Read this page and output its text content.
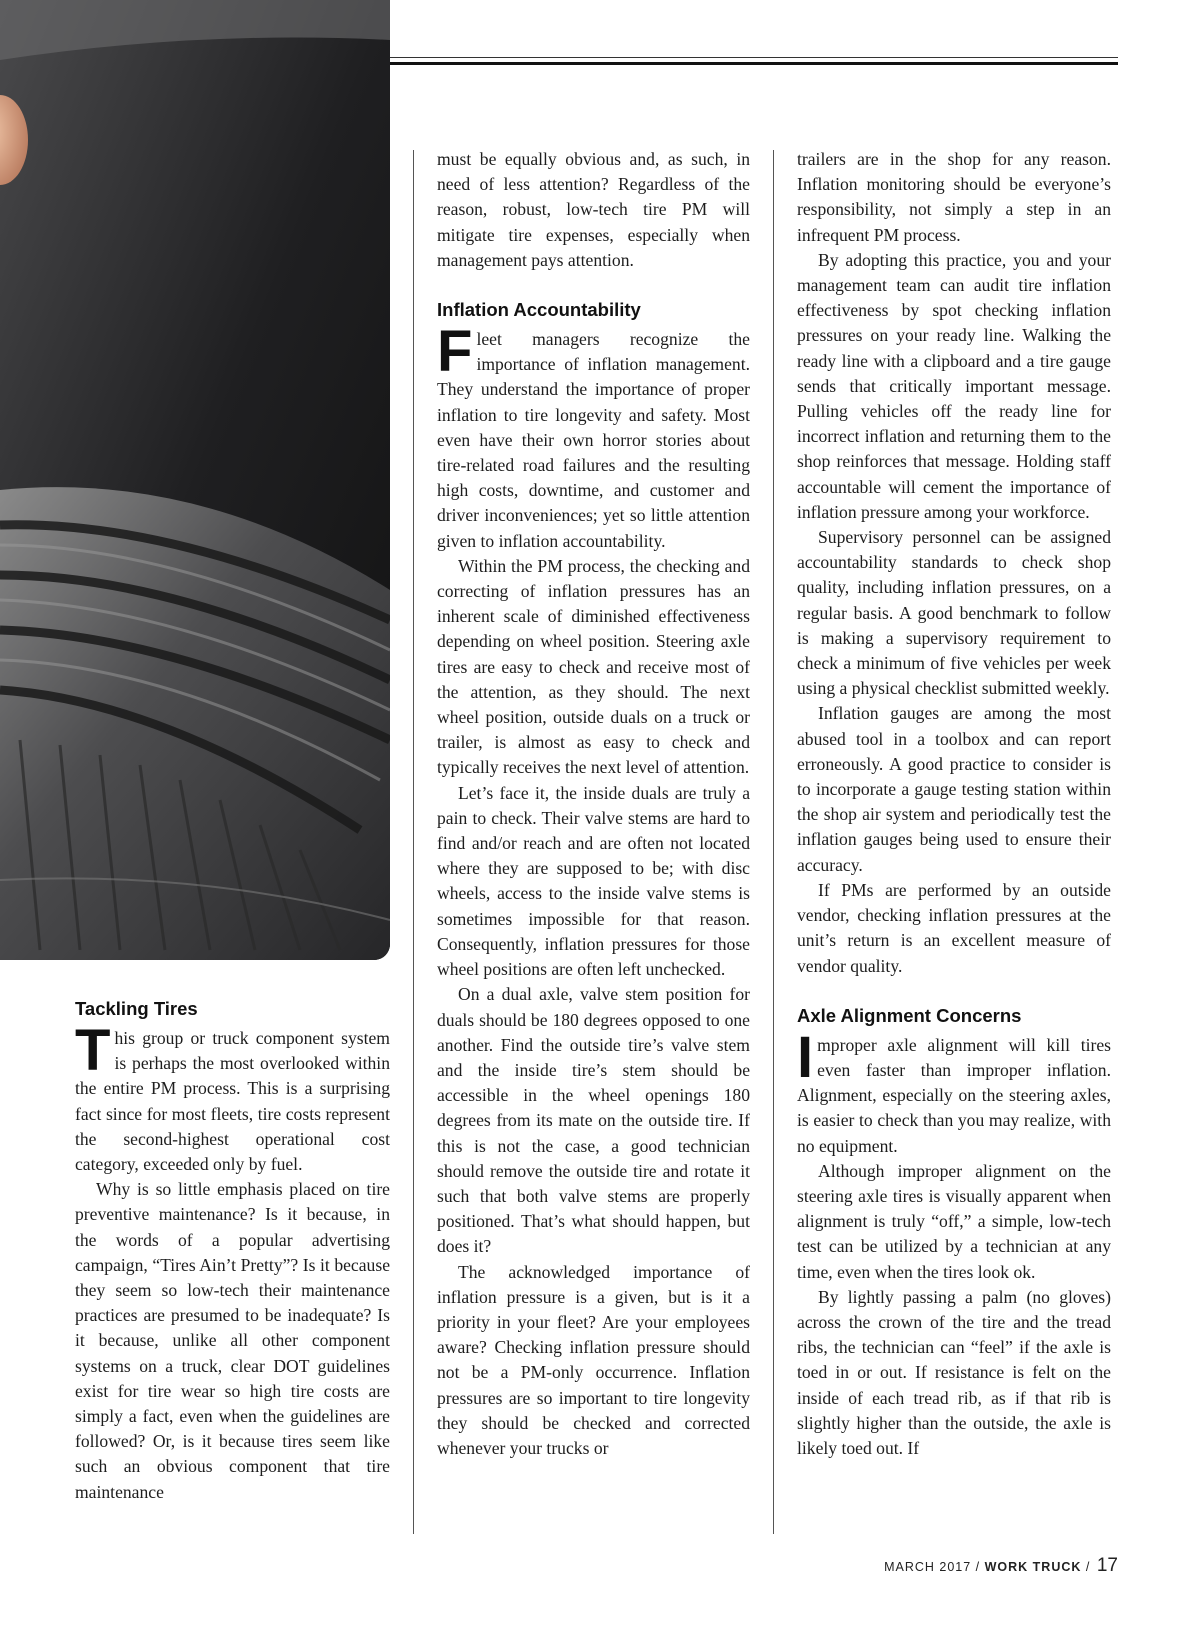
Tackling Tires

This group or truck component system is perhaps the most overlooked within the entire PM process. This is a surprising fact since for most fleets, tire costs represent the second-highest operational cost category, exceeded only by fuel.

Why is so little emphasis placed on tire preventive maintenance? Is it because, in the words of a popular advertising campaign, “Tires Ain’t Pretty”? Is it because they seem so low-tech their maintenance practices are presumed to be inadequate? Is it because, unlike all other component systems on a truck, clear DOT guidelines exist for tire wear so high tire costs are simply a fact, even when the guidelines are followed? Or, is it because tires seem like such an obvious component that tire maintenance

must be equally obvious and, as such, in need of less attention? Regardless of the reason, robust, low-tech tire PM will mitigate tire expenses, especially when management pays attention.

Inflation Accountability

Fleet managers recognize the importance of inflation management. They understand the importance of proper inflation to tire longevity and safety. Most even have their own horror stories about tire-related road failures and the resulting high costs, downtime, and customer and driver inconveniences; yet so little attention given to inflation accountability.

Within the PM process, the checking and correcting of inflation pressures has an inherent scale of diminished effectiveness depending on wheel position. Steering axle tires are easy to check and receive most of the attention, as they should. The next wheel position, outside duals on a truck or trailer, is almost as easy to check and typically receives the next level of attention.

Let’s face it, the inside duals are truly a pain to check. Their valve stems are hard to find and/or reach and are often not located where they are supposed to be; with disc wheels, access to the inside valve stems is sometimes impossible for that reason. Consequently, inflation pressures for those wheel positions are often left unchecked.

On a dual axle, valve stem position for duals should be 180 degrees opposed to one another. Find the outside tire’s valve stem and the inside tire’s stem should be accessible in the wheel openings 180 degrees from its mate on the outside tire. If this is not the case, a good technician should remove the outside tire and rotate it such that both valve stems are properly positioned. That’s what should happen, but does it?

The acknowledged importance of inflation pressure is a given, but is it a priority in your fleet? Are your employees aware? Checking inflation pressure should not be a PM-only occurrence. Inflation pressures are so important to tire longevity they should be checked and corrected whenever your trucks or

trailers are in the shop for any reason. Inflation monitoring should be everyone’s responsibility, not simply a step in an infrequent PM process.

By adopting this practice, you and your management team can audit tire inflation effectiveness by spot checking inflation pressures on your ready line. Walking the ready line with a clipboard and a tire gauge sends that critically important message. Pulling vehicles off the ready line for incorrect inflation and returning them to the shop reinforces that message. Holding staff accountable will cement the importance of inflation pressure among your workforce.

Supervisory personnel can be assigned accountability standards to check shop quality, including inflation pressures, on a regular basis. A good benchmark to follow is making a supervisory requirement to check a minimum of five vehicles per week using a physical checklist submitted weekly.

Inflation gauges are among the most abused tool in a toolbox and can report erroneously. A good practice to consider is to incorporate a gauge testing station within the shop air system and periodically test the inflation gauges being used to ensure their accuracy.

If PMs are performed by an outside vendor, checking inflation pressures at the unit’s return is an excellent measure of vendor quality.

Axle Alignment Concerns

Improper axle alignment will kill tires even faster than improper inflation. Alignment, especially on the steering axles, is easier to check than you may realize, with no equipment.

Although improper alignment on the steering axle tires is visually apparent when alignment is truly “off,” a simple, low-tech test can be utilized by a technician at any time, even when the tires look ok.

By lightly passing a palm (no gloves) across the crown of the tire and the tread ribs, the technician can “feel” if the axle is toed in or out. If resistance is felt on the inside of each tread rib, as if that rib is slightly higher than the outside, the axle is likely toed out. If

MARCH 2017 / WORK TRUCK / 17
